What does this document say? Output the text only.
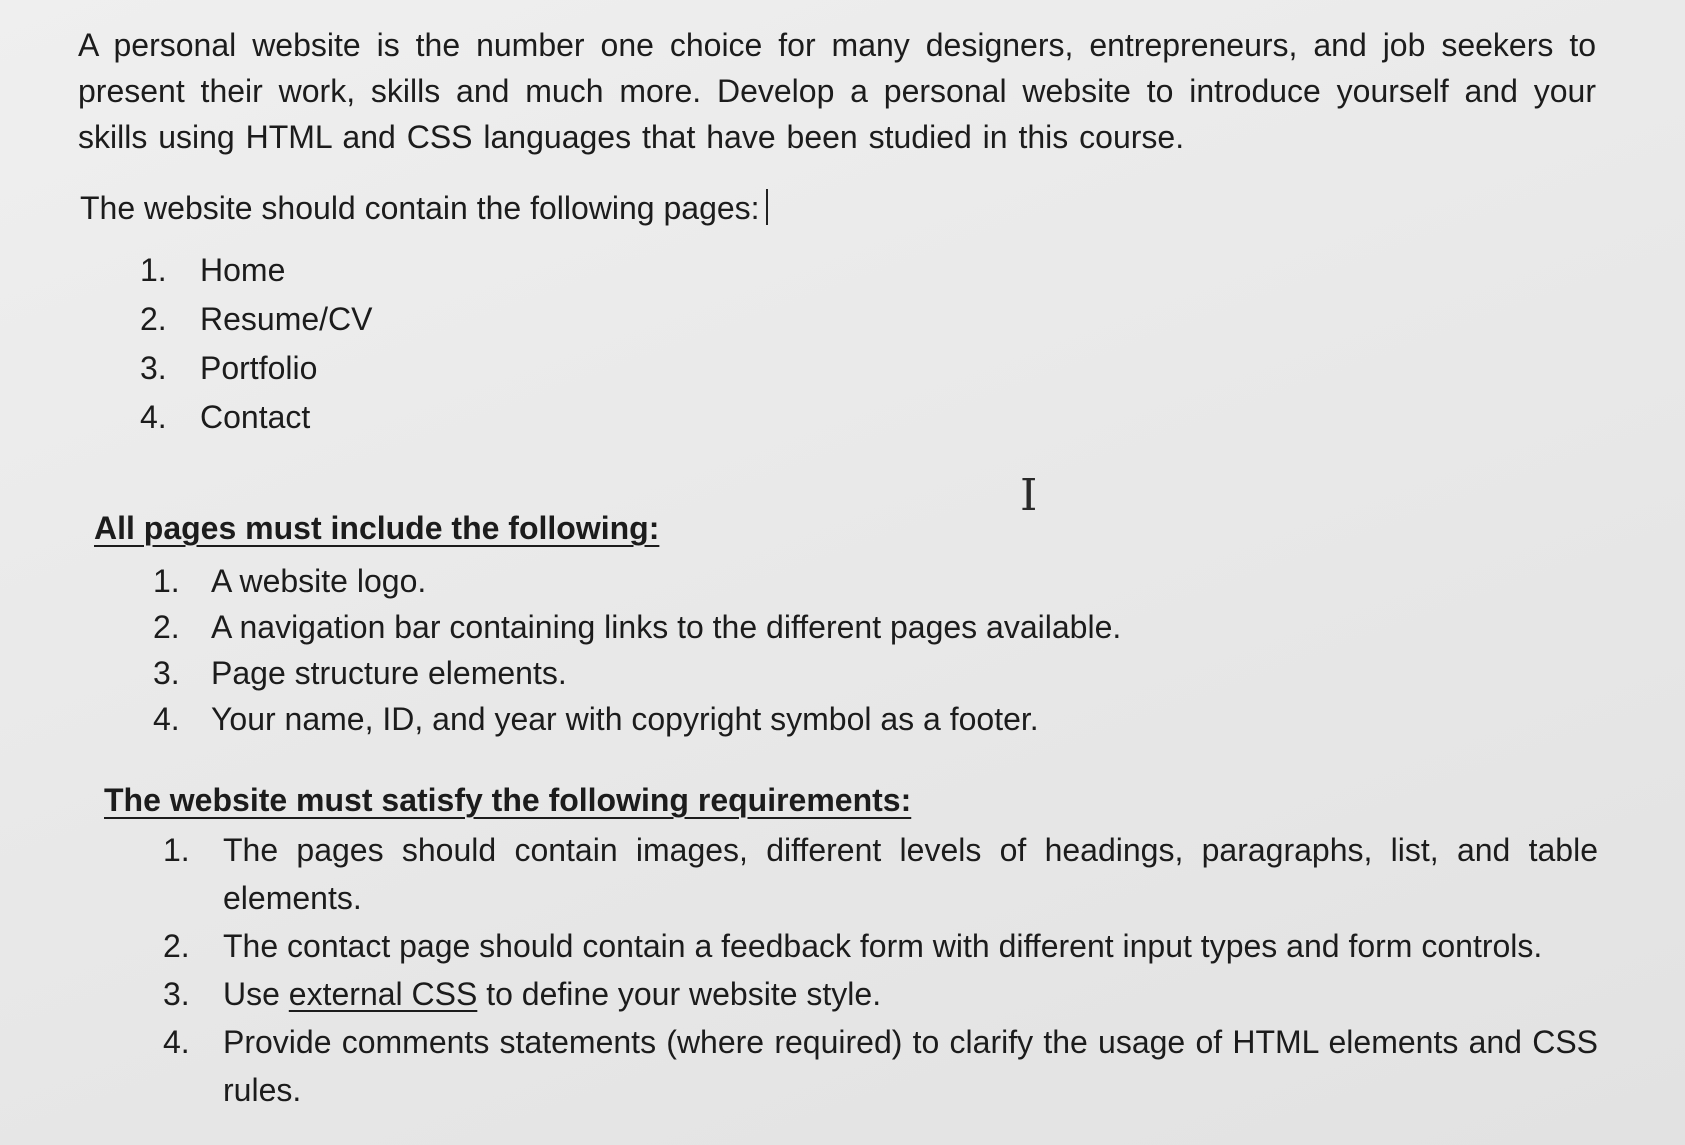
A personal website is the number one choice for many designers, entrepreneurs, and job seekers to present their work, skills and much more. Develop a personal website to introduce yourself and your skills using HTML and CSS languages that have been studied in this course.

The website should contain the following pages:
1. Home
2. Resume/CV
3. Portfolio
4. Contact
I
All pages must include the following:
1. A website logo.
2. A navigation bar containing links to the different pages available.
3. Page structure elements.
4. Your name, ID, and year with copyright symbol as a footer.
The website must satisfy the following requirements:
1. The pages should contain images, different levels of headings, paragraphs, list, and table elements.
2. The contact page should contain a feedback form with different input types and form controls.
3. Use external CSS to define your website style.
4. Provide comments statements (where required) to clarify the usage of HTML elements and CSS rules.
